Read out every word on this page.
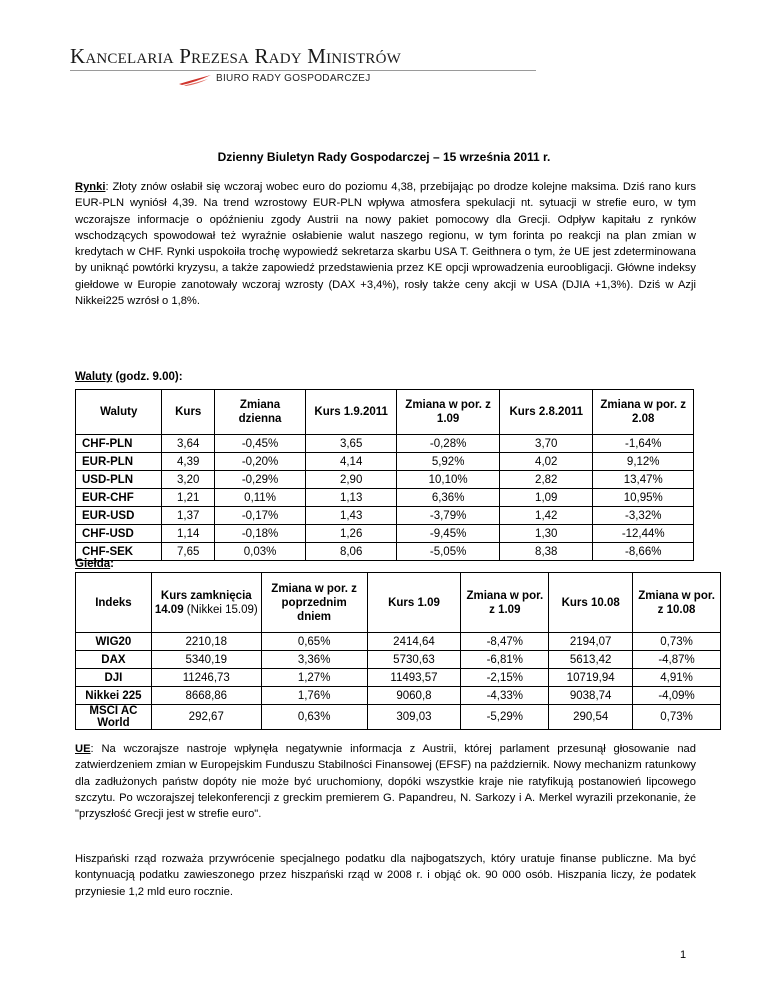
Kancelaria Prezesa Rady Ministrów
BIURO RADY GOSPODARCZEJ
Dzienny Biuletyn Rady Gospodarczej – 15 września 2011 r.
Rynki: Złoty znów osłabił się wczoraj wobec euro do poziomu 4,38, przebijając po drodze kolejne maksima. Dziś rano kurs EUR-PLN wyniósł 4,39. Na trend wzrostowy EUR-PLN wpływa atmosfera spekulacji nt. sytuacji w strefie euro, w tym wczorajsze informacje o opóźnieniu zgody Austrii na nowy pakiet pomocowy dla Grecji. Odpływ kapitału z rynków wschodzących spowodował też wyraźnie osłabienie walut naszego regionu, w tym forinta po reakcji na plan zmian w kredytach w CHF. Rynki uspokoiła trochę wypowiedź sekretarza skarbu USA T. Geithnera o tym, że UE jest zdeterminowana by uniknąć powtórki kryzysu, a także zapowiedź przedstawienia przez KE opcji wprowadzenia euroobligacji. Główne indeksy giełdowe w Europie zanotowały wczoraj wzrosty (DAX +3,4%), rosły także ceny akcji w USA (DJIA +1,3%). Dziś w Azji Nikkei225 wzrósł o 1,8%.
Waluty (godz. 9.00):
Waluty	Kurs	Zmiana dzienna	Kurs 1.9.2011	Zmiana w por. z 1.09	Kurs 2.8.2011	Zmiana w por. z 2.08
CHF-PLN	3,64	-0,45%	3,65	-0,28%	3,70	-1,64%
EUR-PLN	4,39	-0,20%	4,14	5,92%	4,02	9,12%
USD-PLN	3,20	-0,29%	2,90	10,10%	2,82	13,47%
EUR-CHF	1,21	0,11%	1,13	6,36%	1,09	10,95%
EUR-USD	1,37	-0,17%	1,43	-3,79%	1,42	-3,32%
CHF-USD	1,14	-0,18%	1,26	-9,45%	1,30	-12,44%
CHF-SEK	7,65	0,03%	8,06	-5,05%	8,38	-8,66%
Giełda:
Indeks	Kurs zamknięcia 14.09 (Nikkei 15.09)	Zmiana w por. z poprzednim dniem	Kurs 1.09	Zmiana w por. z 1.09	Kurs 10.08	Zmiana w por. z 10.08
WIG20	2210,18	0,65%	2414,64	-8,47%	2194,07	0,73%
DAX	5340,19	3,36%	5730,63	-6,81%	5613,42	-4,87%
DJI	11246,73	1,27%	11493,57	-2,15%	10719,94	4,91%
Nikkei 225	8668,86	1,76%	9060,8	-4,33%	9038,74	-4,09%
MSCI AC World	292,67	0,63%	309,03	-5,29%	290,54	0,73%
UE: Na wczorajsze nastroje wpłynęła negatywnie informacja z Austrii, której parlament przesunął głosowanie nad zatwierdzeniem zmian w Europejskim Funduszu Stabilności Finansowej (EFSF) na październik. Nowy mechanizm ratunkowy dla zadłużonych państw dopóty nie może być uruchomiony, dopóki wszystkie kraje nie ratyfikują postanowień lipcowego szczytu. Po wczorajszej telekonferencji z greckim premierem G. Papandreu, N. Sarkozy i A. Merkel wyrazili przekonanie, że "przyszłość Grecji jest w strefie euro".
Hiszpański rząd rozważa przywrócenie specjalnego podatku dla najbogatszych, który uratuje finanse publiczne. Ma być kontynuacją podatku zawieszonego przez hiszpański rząd w 2008 r. i objąć ok. 90 000 osób. Hiszpania liczy, że podatek przyniesie 1,2 mld euro rocznie.
1
